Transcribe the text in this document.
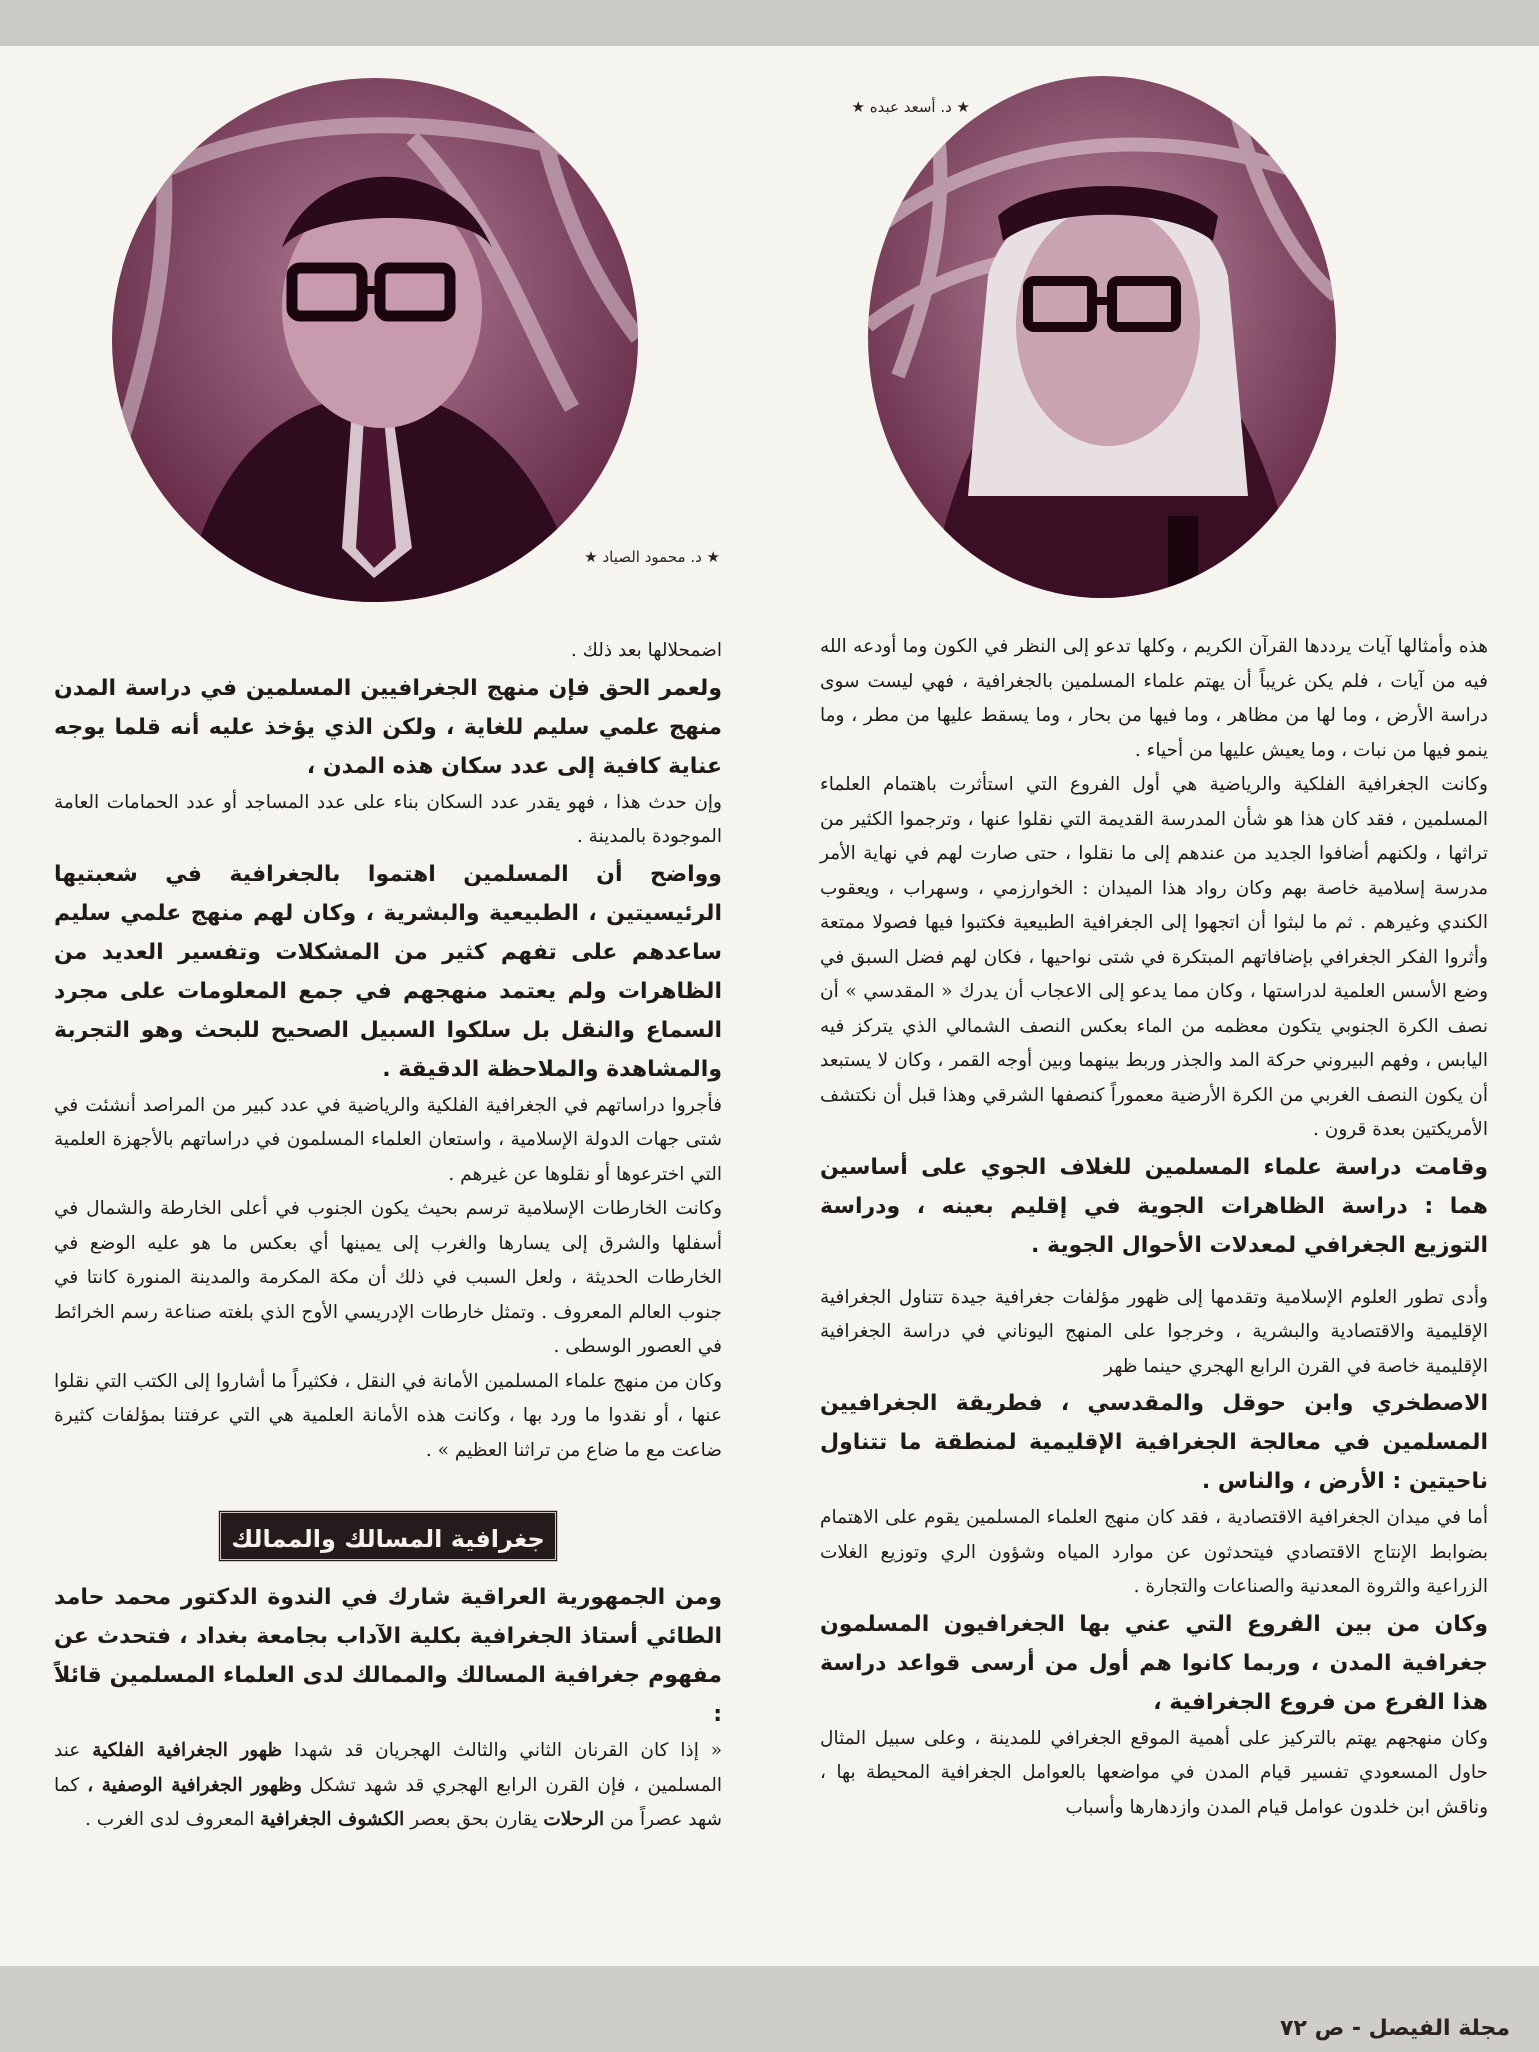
★ د. أسعد عبده ★
★ د. محمود الصياد ★

هذه وأمثالها آيات يرددها القرآن الكريم ، وكلها تدعو إلى النظر في الكون وما أودعه الله فيه من آيات ، فلم يكن غريباً أن يهتم علماء المسلمين بالجغرافية ، فهي ليست سوى دراسة الأرض ، وما لها من مظاهر ، وما فيها من بحار ، وما يسقط عليها من مطر ، وما ينمو فيها من نبات ، وما يعيش عليها من أحياء .

وكانت الجغرافية الفلكية والرياضية هي أول الفروع التي استأثرت باهتمام العلماء المسلمين ، فقد كان هذا هو شأن المدرسة القديمة التي نقلوا عنها ، وترجموا الكثير من تراثها ، ولكنهم أضافوا الجديد من عندهم إلى ما نقلوا ، حتى صارت لهم في نهاية الأمر مدرسة إسلامية خاصة بهم وكان رواد هذا الميدان : الخوارزمي ، وسهراب ، ويعقوب الكندي وغيرهم . ثم ما لبثوا أن اتجهوا إلى الجغرافية الطبيعية فكتبوا فيها فصولا ممتعة وأثروا الفكر الجغرافي بإضافاتهم المبتكرة في شتى نواحيها ، فكان لهم فضل السبق في وضع الأسس العلمية لدراستها ، وكان مما يدعو إلى الاعجاب أن يدرك « المقدسي » أن نصف الكرة الجنوبي يتكون معظمه من الماء بعكس النصف الشمالي الذي يتركز فيه اليابس ، وفهم البيروني حركة المد والجذر وربط بينهما وبين أوجه القمر ، وكان لا يستبعد أن يكون النصف الغربي من الكرة الأرضية معموراً كنصفها الشرقي وهذا قبل أن نكتشف الأمريكتين بعدة قرون .

وقامت دراسة علماء المسلمين للغلاف الجوي على أساسين هما : دراسة الظاهرات الجوية في إقليم بعينه ، ودراسة التوزيع الجغرافي لمعدلات الأحوال الجوية .

وأدى تطور العلوم الإسلامية وتقدمها إلى ظهور مؤلفات جغرافية جيدة تتناول الجغرافية الإقليمية والاقتصادية والبشرية ، وخرجوا على المنهج اليوناني في دراسة الجغرافية الإقليمية خاصة في القرن الرابع الهجري حينما ظهر

الاصطخري وابن حوقل والمقدسي ، فطريقة الجغرافيين المسلمين في معالجة الجغرافية الإقليمية لمنطقة ما تتناول ناحيتين : الأرض ، والناس .

أما في ميدان الجغرافية الاقتصادية ، فقد كان منهج العلماء المسلمين يقوم على الاهتمام بضوابط الإنتاج الاقتصادي فيتحدثون عن موارد المياه وشؤون الري وتوزيع الغلات الزراعية والثروة المعدنية والصناعات والتجارة .

وكان من بين الفروع التي عني بها الجغرافيون المسلمون جغرافية المدن ، وربما كانوا هم أول من أرسى قواعد دراسة هذا الفرع من فروع الجغرافية ،

وكان منهجهم يهتم بالتركيز على أهمية الموقع الجغرافي للمدينة ، وعلى سبيل المثال حاول المسعودي تفسير قيام المدن في مواضعها بالعوامل الجغرافية المحيطة بها ، وناقش ابن خلدون عوامل قيام المدن وازدهارها وأسباب

اضمحلالها بعد ذلك .

ولعمر الحق فإن منهج الجغرافيين المسلمين في دراسة المدن منهج علمي سليم للغاية ، ولكن الذي يؤخذ عليه أنه قلما يوجه عناية كافية إلى عدد سكان هذه المدن ،

وإن حدث هذا ، فهو يقدر عدد السكان بناء على عدد المساجد أو عدد الحمامات العامة الموجودة بالمدينة .

وواضح أن المسلمين اهتموا بالجغرافية في شعبتيها الرئيسيتين ، الطبيعية والبشرية ، وكان لهم منهج علمي سليم ساعدهم على تفهم كثير من المشكلات وتفسير العديد من الظاهرات ولم يعتمد منهجهم في جمع المعلومات على مجرد السماع والنقل بل سلكوا السبيل الصحيح للبحث وهو التجربة والمشاهدة والملاحظة الدقيقة .

فأجروا دراساتهم في الجغرافية الفلكية والرياضية في عدد كبير من المراصد أنشئت في شتى جهات الدولة الإسلامية ، واستعان العلماء المسلمون في دراساتهم بالأجهزة العلمية التي اخترعوها أو نقلوها عن غيرهم .

وكانت الخارطات الإسلامية ترسم بحيث يكون الجنوب في أعلى الخارطة والشمال في أسفلها والشرق إلى يسارها والغرب إلى يمينها أي بعكس ما هو عليه الوضع في الخارطات الحديثة ، ولعل السبب في ذلك أن مكة المكرمة والمدينة المنورة كانتا في جنوب العالم المعروف . وتمثل خارطات الإدريسي الأوج الذي بلغته صناعة رسم الخرائط في العصور الوسطى .

وكان من منهج علماء المسلمين الأمانة في النقل ، فكثيراً ما أشاروا إلى الكتب التي نقلوا عنها ، أو نقدوا ما ورد بها ، وكانت هذه الأمانة العلمية هي التي عرفتنا بمؤلفات كثيرة ضاعت مع ما ضاع من تراثنا العظيم » .

جغرافية المسالك والممالك

ومن الجمهورية العراقية شارك في الندوة الدكتور محمد حامد الطائي أستاذ الجغرافية بكلية الآداب بجامعة بغداد ، فتحدث عن مفهوم جغرافية المسالك والممالك لدى العلماء المسلمين قائلاً :

« إذا كان القرنان الثاني والثالث الهجريان قد شهدا ظهور الجغرافية الفلكية عند المسلمين ، فإن القرن الرابع الهجري قد شهد تشكل وظهور الجغرافية الوصفية ، كما شهد عصراً من الرحلات يقارن بحق بعصر الكشوف الجغرافية المعروف لدى الغرب .

مجلة الفيصل - ص ٧٢
